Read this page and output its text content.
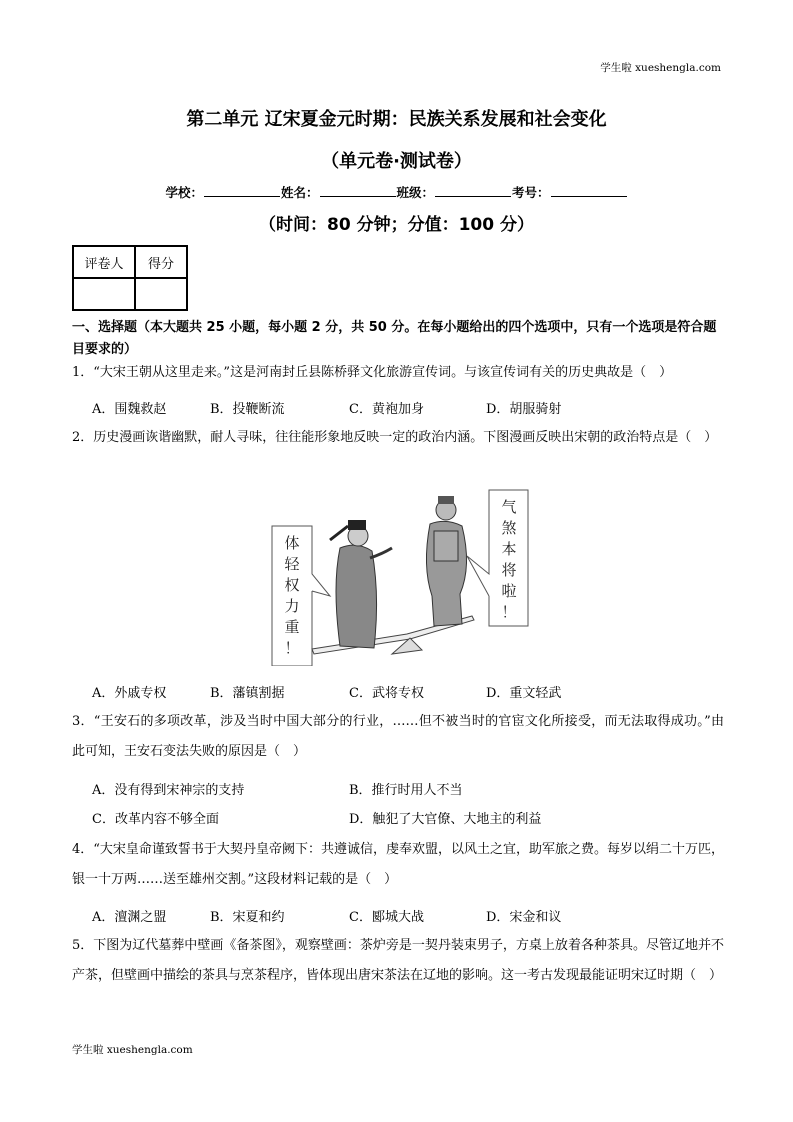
学生啦 xueshengla.com
第二单元 辽宋夏金元时期：民族关系发展和社会变化
（单元卷·测试卷）
学校：	姓名：	班级：	考号：
（时间：80 分钟；分值：100 分）
评卷人	得分

一、选择题（本大题共 25 小题，每小题 2 分，共 50 分。在每小题给出的四个选项中，只有一个选项是符合题目要求的）
1．“大宋王朝从这里走来。”这是河南封丘县陈桥驿文化旅游宣传词。与该宣传词有关的历史典故是（　）
A．围魏救赵	B．投鞭断流	C．黄袍加身	D．胡服骑射
2．历史漫画诙谐幽默，耐人寻味，往往能形象地反映一定的政治内涵。下图漫画反映出宋朝的政治特点是（　）
体
轻
权
力
重
！
气
煞
本
将
啦
！
A．外戚专权	B．藩镇割据	C．武将专权	D．重文轻武
3．“王安石的多项改革，涉及当时中国大部分的行业，……但不被当时的官宦文化所接受，而无法取得成功。”由此可知，王安石变法失败的原因是（　）
A．没有得到宋神宗的支持	B．推行时用人不当
C．改革内容不够全面	D．触犯了大官僚、大地主的利益
4．“大宋皇命谨致誓书于大契丹皇帝阙下：共遵诚信，虔奉欢盟，以风土之宜，助军旅之费。每岁以绢二十万匹，银一十万两……送至雄州交割。”这段材料记载的是（　）
A．澶渊之盟	B．宋夏和约	C．郾城大战	D．宋金和议
5．下图为辽代墓葬中壁画《备茶图》，观察壁画：茶炉旁是一契丹装束男子，方桌上放着各种茶具。尽管辽地并不产茶，但壁画中描绘的茶具与烹茶程序，皆体现出唐宋茶法在辽地的影响。这一考古发现最能证明宋辽时期（　）
学生啦 xueshengla.com
